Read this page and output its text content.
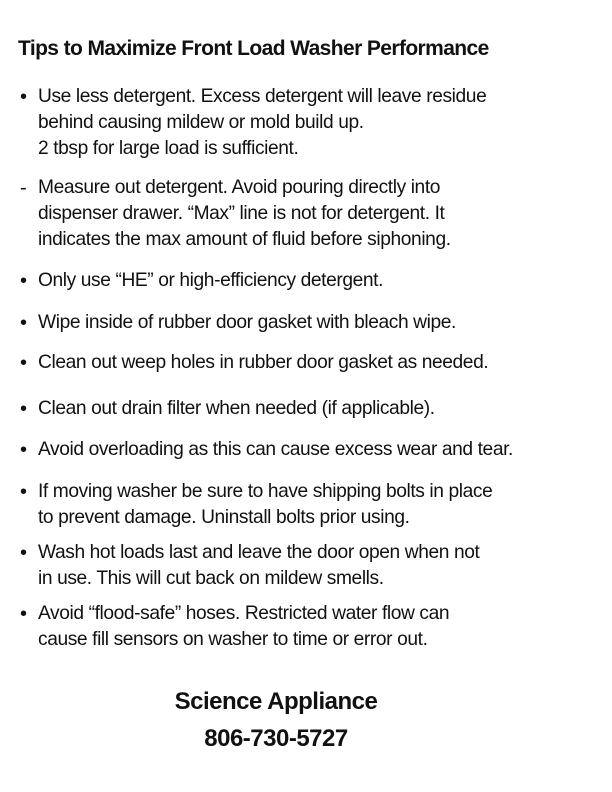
Tips to Maximize Front Load Washer Performance
• Use less detergent. Excess detergent will leave residue
behind causing mildew or mold build up.
2 tbsp for large load is sufficient.
- Measure out detergent. Avoid pouring directly into
dispenser drawer. “Max” line is not for detergent. It
indicates the max amount of fluid before siphoning.
• Only use “HE” or high-efficiency detergent.
• Wipe inside of rubber door gasket with bleach wipe.
• Clean out weep holes in rubber door gasket as needed.
• Clean out drain filter when needed (if applicable).
• Avoid overloading as this can cause excess wear and tear.
• If moving washer be sure to have shipping bolts in place
to prevent damage. Uninstall bolts prior using.
• Wash hot loads last and leave the door open when not
in use. This will cut back on mildew smells.
• Avoid “flood-safe” hoses. Restricted water flow can
cause fill sensors on washer to time or error out.
Science Appliance
806-730-5727
